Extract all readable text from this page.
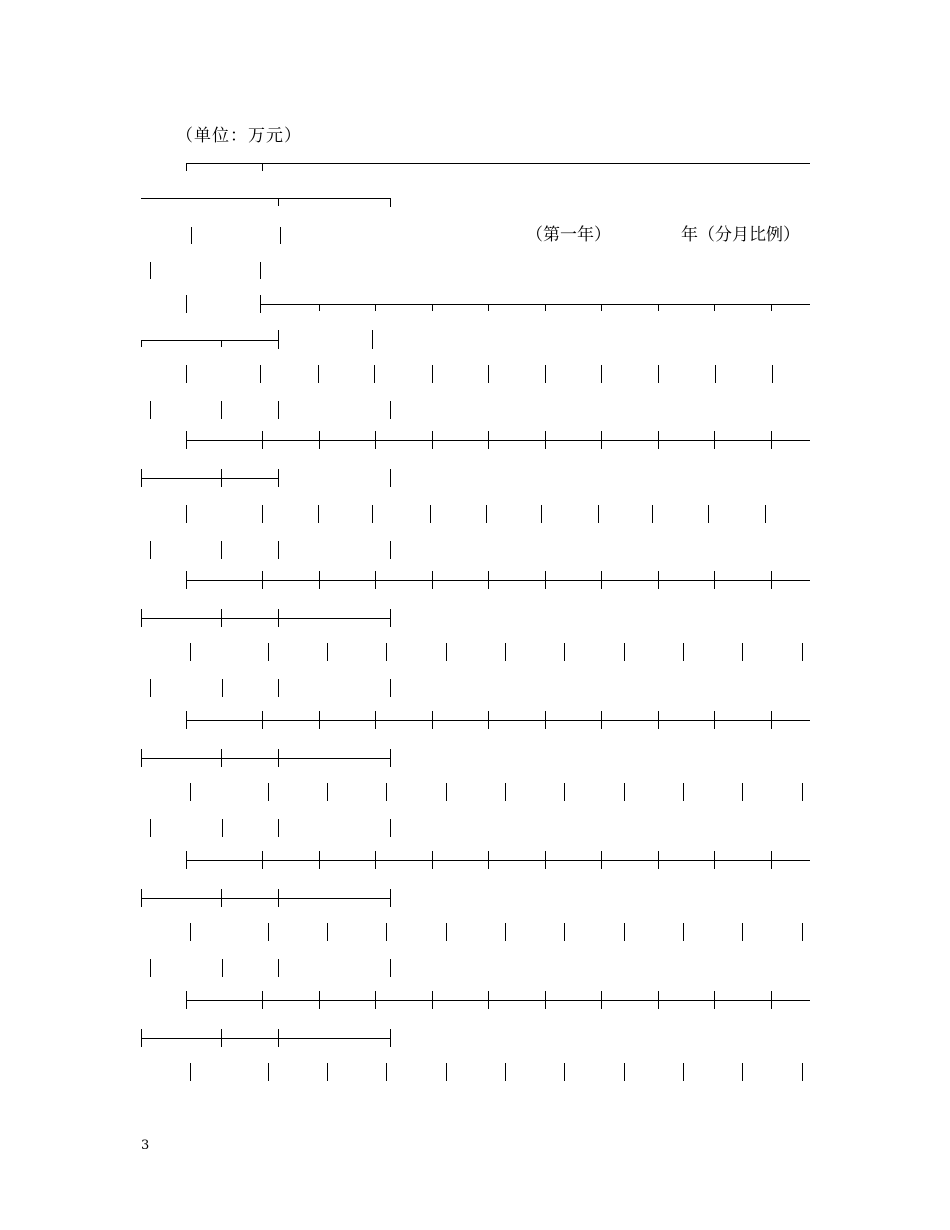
（单位：万元）
（第一年）	年（分月比例）
3
